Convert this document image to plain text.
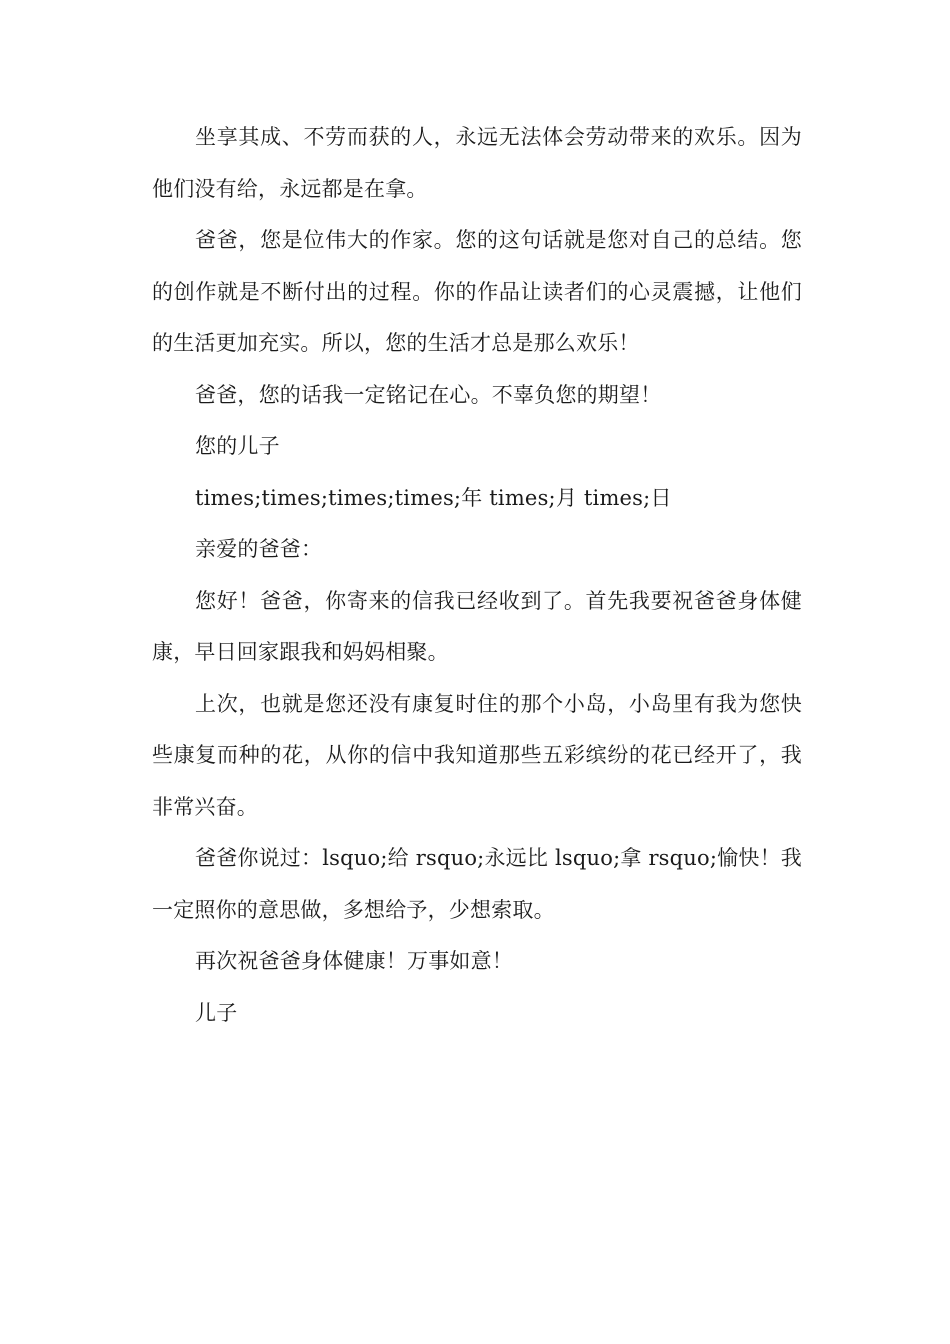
坐享其成、不劳而获的人，永远无法体会劳动带来的欢乐。因为他们没有给，永远都是在拿。

爸爸，您是位伟大的作家。您的这句话就是您对自己的总结。您的创作就是不断付出的过程。你的作品让读者们的心灵震撼，让他们的生活更加充实。所以，您的生活才总是那么欢乐！

爸爸，您的话我一定铭记在心。不辜负您的期望！

您的儿子

times;times;times;times;年 times;月 times;日

亲爱的爸爸：

您好！爸爸，你寄来的信我已经收到了。首先我要祝爸爸身体健康，早日回家跟我和妈妈相聚。

上次，也就是您还没有康复时住的那个小岛，小岛里有我为您快些康复而种的花，从你的信中我知道那些五彩缤纷的花已经开了，我非常兴奋。

爸爸你说过：lsquo;给 rsquo;永远比 lsquo;拿 rsquo;愉快！我一定照你的意思做，多想给予，少想索取。

再次祝爸爸身体健康！万事如意！

儿子
